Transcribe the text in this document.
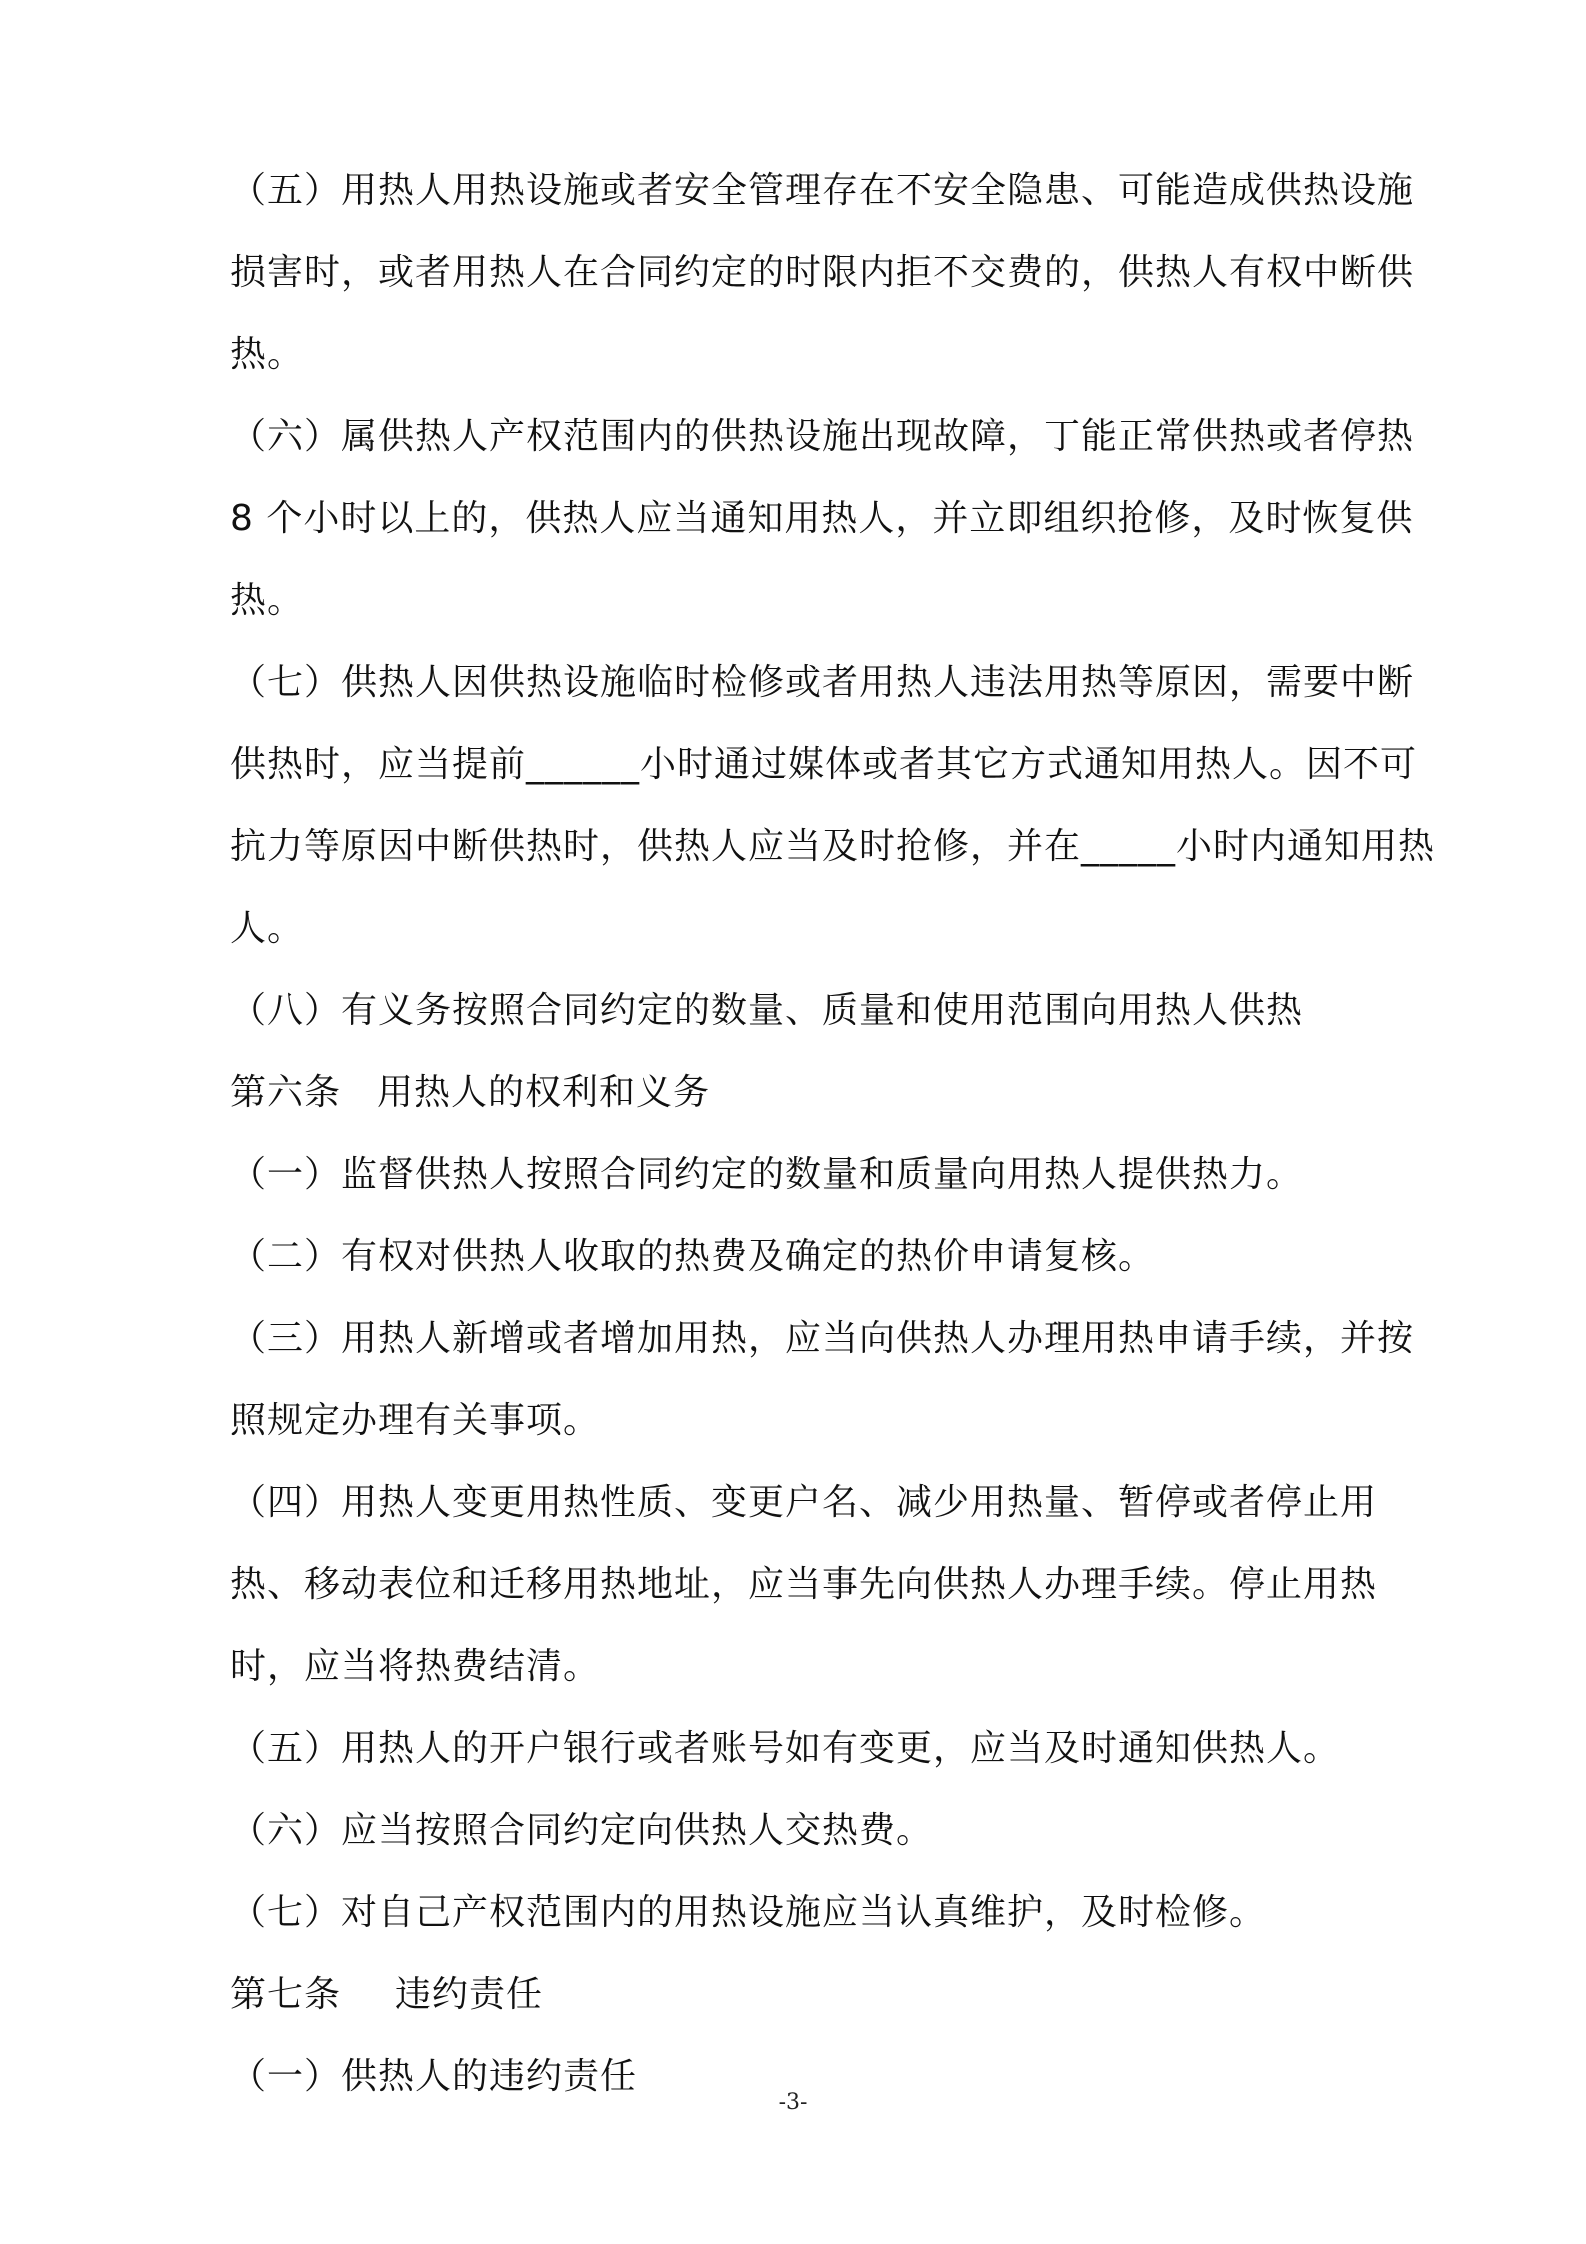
（五）用热人用热设施或者安全管理存在不安全隐患、可能造成供热设施损害时，或者用热人在合同约定的时限内拒不交费的，供热人有权中断供热。

（六）属供热人产权范围内的供热设施出现故障，丁能正常供热或者停热 8 个小时以上的，供热人应当通知用热人，并立即组织抢修，及时恢复供热。

（七）供热人因供热设施临时检修或者用热人违法用热等原因，需要中断供热时，应当提前______小时通过媒体或者其它方式通知用热人。因不可抗力等原因中断供热时，供热人应当及时抢修，并在_____小时内通知用热人。

（八）有义务按照合同约定的数量、质量和使用范围向用热人供热

第六条 用热人的权利和义务

（一）监督供热人按照合同约定的数量和质量向用热人提供热力。

（二）有权对供热人收取的热费及确定的热价申请复核。

（三）用热人新增或者增加用热，应当向供热人办理用热申请手续，并按照规定办理有关事项。

（四）用热人变更用热性质、变更户名、减少用热量、暂停或者停止用热、移动表位和迁移用热地址，应当事先向供热人办理手续。停止用热时，应当将热费结清。

（五）用热人的开户银行或者账号如有变更，应当及时通知供热人。

（六）应当按照合同约定向供热人交热费。

（七）对自己产权范围内的用热设施应当认真维护，及时检修。

第七条 违约责任

（一）供热人的违约责任

-3-
